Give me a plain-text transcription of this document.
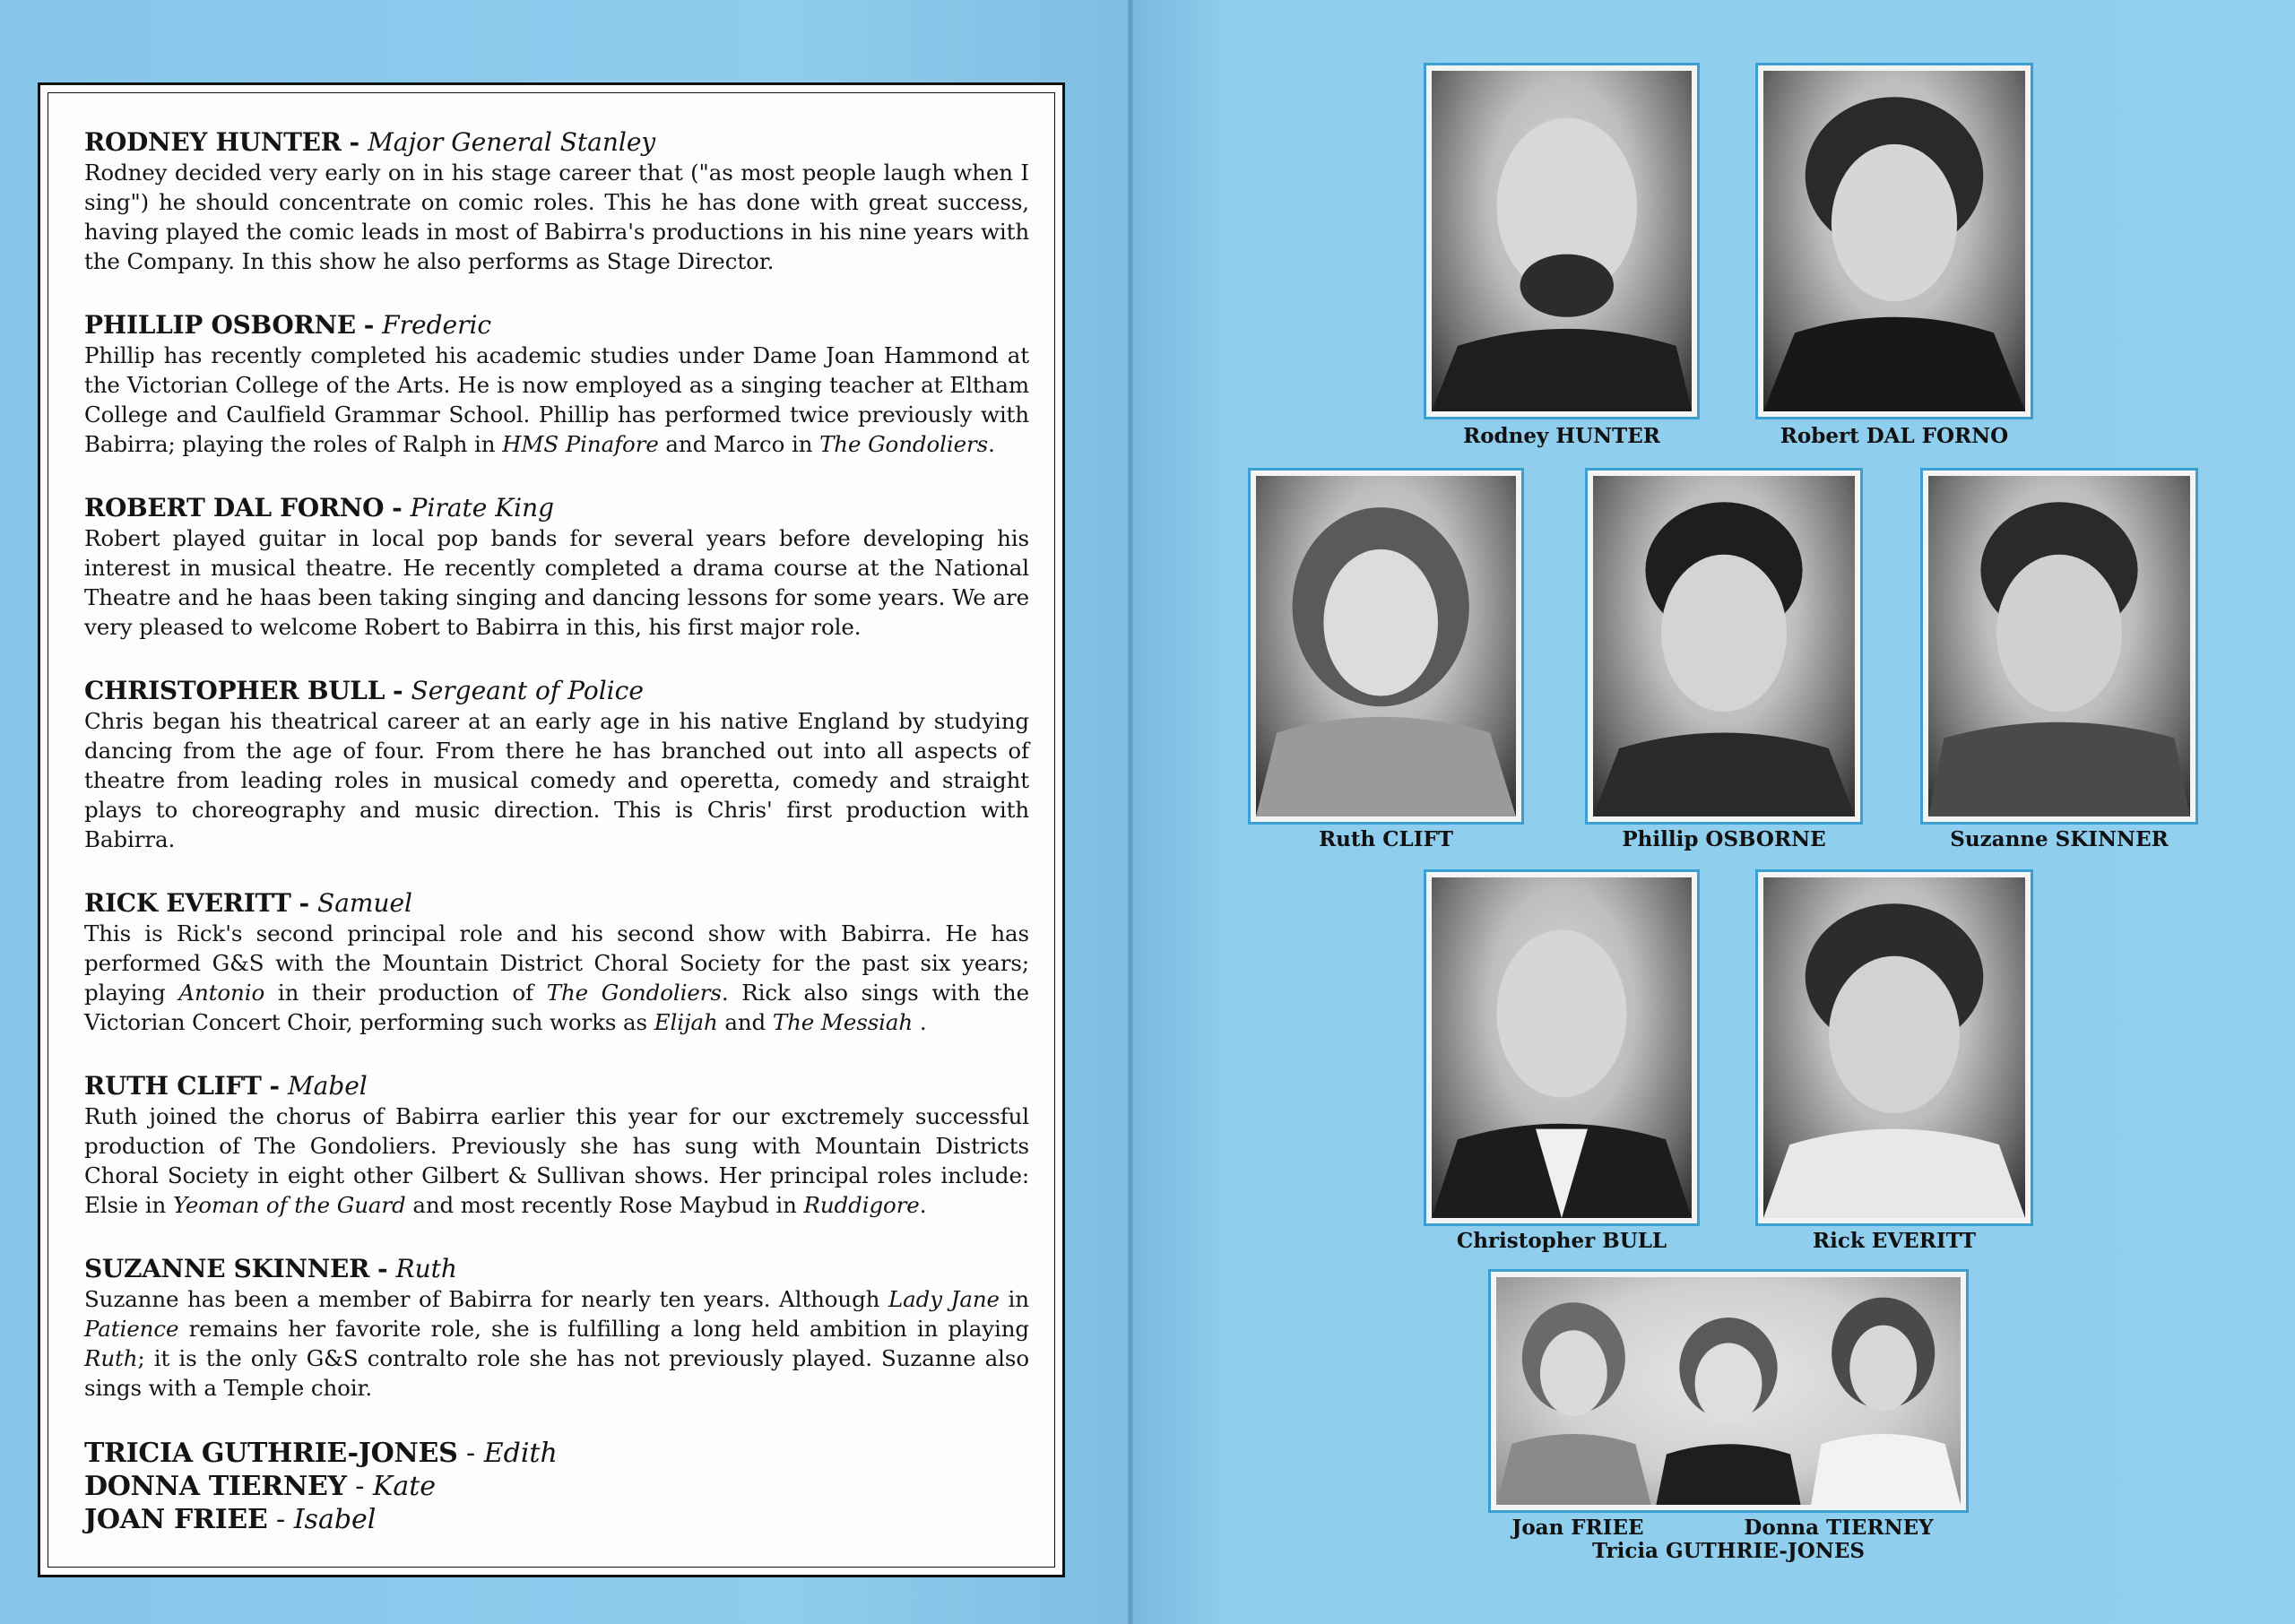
RODNEY HUNTER - Major General Stanley

Rodney decided very early on in his stage career that ("as most people laugh when I sing") he should concentrate on comic roles. This he has done with great success, having played the comic leads in most of Babirra's productions in his nine years with the Company. In this show he also performs as Stage Director.

PHILLIP OSBORNE - Frederic

Phillip has recently completed his academic studies under Dame Joan Hammond at the Victorian College of the Arts. He is now employed as a singing teacher at Eltham College and Caulfield Grammar School. Phillip has performed twice previously with Babirra; playing the roles of Ralph in HMS Pinafore and Marco in The Gondoliers.

ROBERT DAL FORNO - Pirate King

Robert played guitar in local pop bands for several years before developing his interest in musical theatre. He recently completed a drama course at the National Theatre and he haas been taking singing and dancing lessons for some years. We are very pleased to welcome Robert to Babirra in this, his first major role.

CHRISTOPHER BULL - Sergeant of Police

Chris began his theatrical career at an early age in his native England by studying dancing from the age of four. From there he has branched out into all aspects of theatre from leading roles in musical comedy and operetta, comedy and straight plays to choreography and music direction. This is Chris' first production with Babirra.

RICK EVERITT - Samuel

This is Rick's second principal role and his second show with Babirra. He has performed G&S with the Mountain District Choral Society for the past six years; playing Antonio in their production of The Gondoliers. Rick also sings with the Victorian Concert Choir, performing such works as Elijah and The Messiah .

RUTH CLIFT - Mabel

Ruth joined the chorus of Babirra earlier this year for our exctremely successful production of The Gondoliers. Previously she has sung with Mountain Districts Choral Society in eight other Gilbert & Sullivan shows. Her principal roles include: Elsie in Yeoman of the Guard and most recently Rose Maybud in Ruddigore.

SUZANNE SKINNER - Ruth

Suzanne has been a member of Babirra for nearly ten years. Although Lady Jane in Patience remains her favorite role, she is fulfilling a long held ambition in playing Ruth; it is the only G&S contralto role she has not previously played. Suzanne also sings with a Temple choir.

TRICIA GUTHRIE-JONES - Edith
DONNA TIERNEY - Kate
JOAN FRIEE - Isabel
Rodney HUNTER	Robert DAL FORNO
Ruth CLIFT	Phillip OSBORNE	Suzanne SKINNER
Christopher BULL	Rick EVERITT
Joan FRIEE	Donna TIERNEY
Tricia GUTHRIE-JONES
